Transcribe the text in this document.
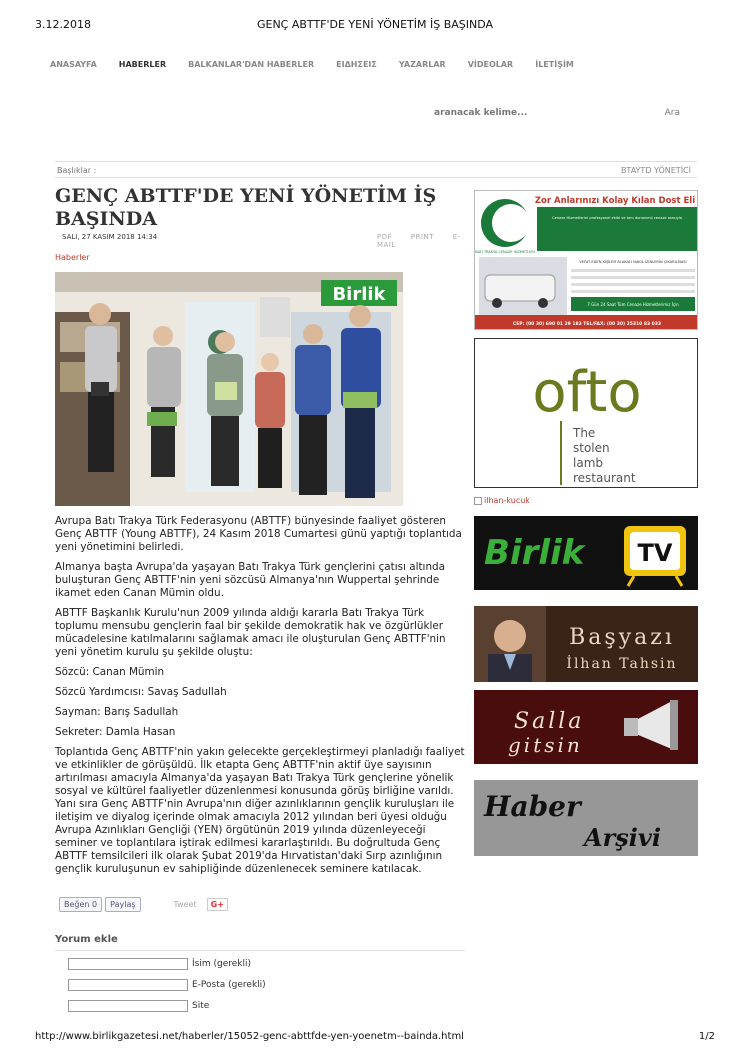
3.12.2018	GENÇ ABTTF'DE YENİ YÖNETİM İŞ BAŞINDA
ANASAYFA	HABERLER	BALKANLAR'DAN HABERLER	ΕΙΔΗΣΕΙΣ	YAZARLAR	VİDEOLAR	İLETİŞİM
aranacak kelime...	Ara
Başlıklar :	BTAYTD YÖNETİCİ
GENÇ ABTTF'DE YENİ YÖNETİM İŞ BAŞINDA
SALI, 27 KASIM 2018 14:34	PDF	PRINT	E-MAIL
Haberler
Birlik

Avrupa Batı Trakya Türk Federasyonu (ABTTF) bünyesinde faaliyet gösteren Genç ABTTF (Young ABTTF), 24 Kasım 2018 Cumartesi günü yaptığı toplantıda yeni yönetimini belirledi.

Almanya başta Avrupa'da yaşayan Batı Trakya Türk gençlerini çatısı altında buluşturan Genç ABTTF'nin yeni sözcüsü Almanya'nın Wuppertal şehrinde ikamet eden Canan Mümin oldu.

ABTTF Başkanlık Kurulu'nun 2009 yılında aldığı kararla Batı Trakya Türk toplumu mensubu gençlerin faal bir şekilde demokratik hak ve özgürlükler mücadelesine katılmalarını sağlamak amacı ile oluşturulan Genç ABTTF'nin yeni yönetim kurulu şu şekilde oluştu:

Sözcü: Canan Mümin

Sözcü Yardımcısı: Savaş Sadullah

Sayman: Barış Sadullah

Sekreter: Damla Hasan

Toplantıda Genç ABTTF'nin yakın gelecekte gerçekleştirmeyi planladığı faaliyet ve etkinlikler de görüşüldü. İlk etapta Genç ABTTF'nin aktif üye sayısının artırılması amacıyla Almanya'da yaşayan Batı Trakya Türk gençlerine yönelik sosyal ve kültürel faaliyetler düzenlenmesi konusunda görüş birliğine varıldı. Yanı sıra Genç ABTTF'nin Avrupa'nın diğer azınlıklarının gençlik kuruluşları ile iletişim ve diyalog içerinde olmak amacıyla 2012 yılından beri üyesi olduğu Avrupa Azınlıkları Gençliği (YEN) örgütünün 2019 yılında düzenleyeceği seminer ve toplantılara iştirak edilmesi kararlaştırıldı. Bu doğrultuda Genç ABTTF temsilcileri ilk olarak Şubat 2019'da Hırvatistan'daki Sırp azınlığının gençlik kuruluşunun ev sahipliğinde düzenlenecek seminere katılacak.

Beğen 0	Paylaş	Tweet	G+
Yorum ekle
İsim (gerekli)
E-Posta (gerekli)
Site
BATI TRAKYA CENAZE HİZMETLERİ
Zor Anlarınızı Kolay Kılan Dost Eli
Cenaze Hizmetlerini profesyonel ekibi ve tam donanımlı cenaze aracıyla
VEFAT EDEN KİŞİLER ALAKALI NAKİL İZİNLERİN ÇIKARILMASI
7 Gün 24 Saat Tüm Cenaze Hizmetlerimiz İçin
CEP: (00 30) 690 01 29 183 TEL/FAX: (00 30) 25310 83 033
ofto
The
stolen
lamb
restaurant
ilhan-kucuk
Birlik TV
Başyazı
İlhan Tahsin
Salla
gitsin
Haber
Arşivi
http://www.birlikgazetesi.net/haberler/15052-genc-abttfde-yen-yoenetm--bainda.html	1/2
